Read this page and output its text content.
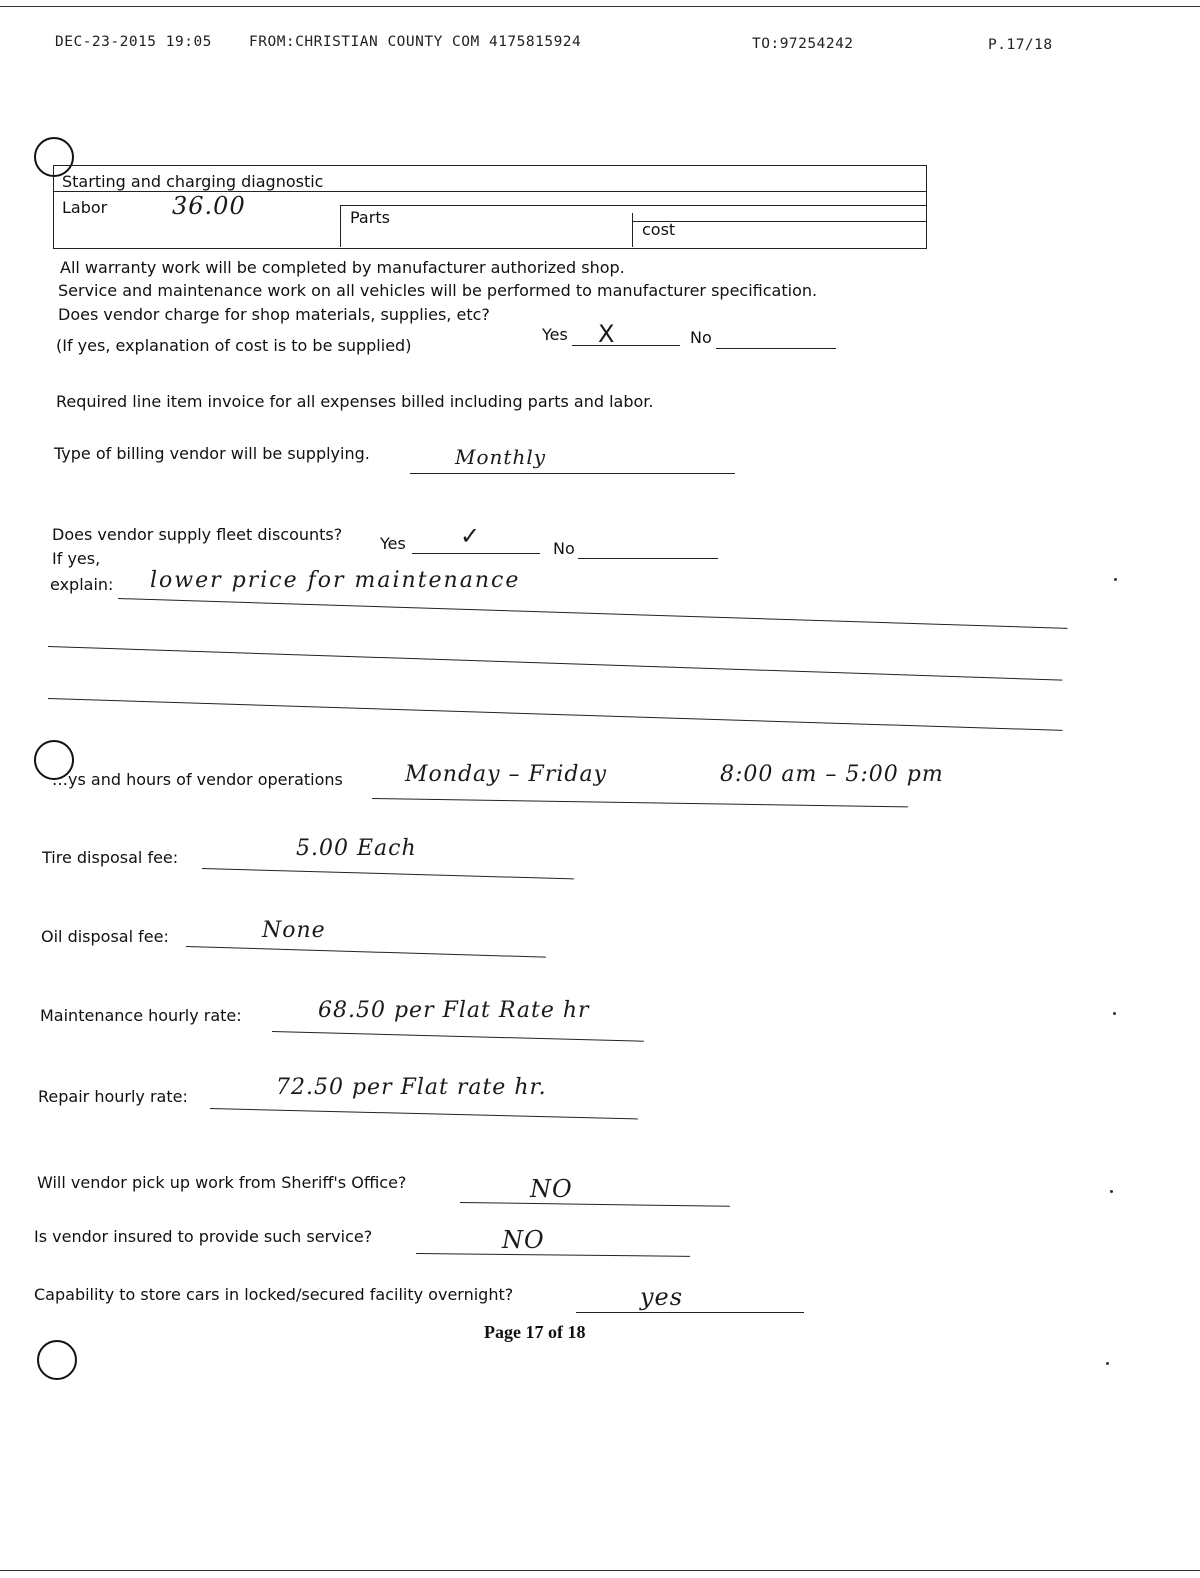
DEC-23-2015 19:05	FROM:CHRISTIAN COUNTY COM 4175815924	TO:97254242	P.17/18
Starting and charging diagnostic
Labor	36.00	Parts
cost
All warranty work will be completed by manufacturer authorized shop.
Service and maintenance work on all vehicles will be performed to manufacturer specification.
Does vendor charge for shop materials, supplies, etc?
Yes X	No
(If yes, explanation of cost is to be supplied)
Required line item invoice for all expenses billed including parts and labor.
Type of billing vendor will be supplying.	Monthly
Does vendor supply fleet discounts? Yes ✓	No
If yes,
explain: lower price for maintenance
…ys and hours of vendor operations	Monday – Friday	8:00 am – 5:00 pm
Tire disposal fee:	5.00 Each
Oil disposal fee:	None
Maintenance hourly rate:	68.50 per Flat Rate hr
Repair hourly rate:	72.50 per Flat rate hr.
Will vendor pick up work from Sheriff's Office?	NO
Is vendor insured to provide such service?	NO
Capability to store cars in locked/secured facility overnight?	yes
Page 17 of 18
